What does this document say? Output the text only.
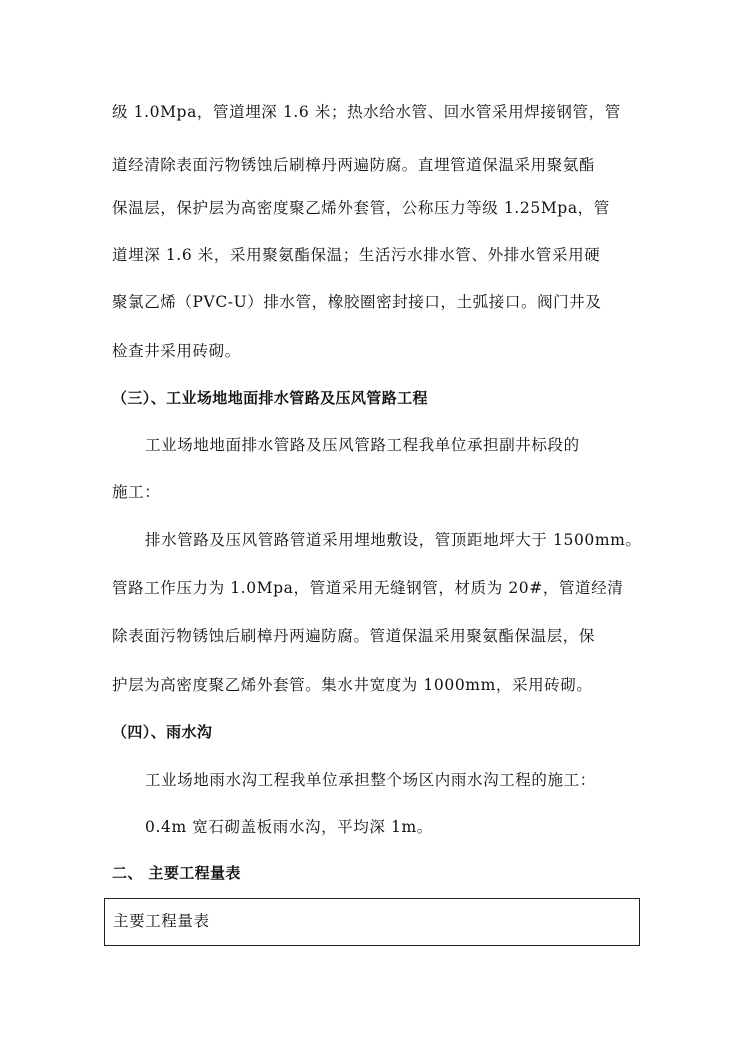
级 1.0Mpa，管道埋深 1.6 米；热水给水管、回水管采用焊接钢管，管
道经清除表面污物锈蚀后刷樟丹两遍防腐。直埋管道保温采用聚氨酯
保温层，保护层为高密度聚乙烯外套管，公称压力等级 1.25Mpa，管
道埋深 1.6 米，采用聚氨酯保温；生活污水排水管、外排水管采用硬
聚氯乙烯（PVC-U）排水管，橡胶圈密封接口，土弧接口。阀门井及
检查井采用砖砌。
（三）、工业场地地面排水管路及压风管路工程
工业场地地面排水管路及压风管路工程我单位承担副井标段的
施工：
排水管路及压风管路管道采用埋地敷设，管顶距地坪大于 1500mm。
管路工作压力为 1.0Mpa，管道采用无缝钢管，材质为 20#，管道经清
除表面污物锈蚀后刷樟丹两遍防腐。管道保温采用聚氨酯保温层，保
护层为高密度聚乙烯外套管。集水井宽度为 1000mm，采用砖砌。
（四）、雨水沟
工业场地雨水沟工程我单位承担整个场区内雨水沟工程的施工：
0.4m 宽石砌盖板雨水沟，平均深 1m。
二、 主要工程量表
主要工程量表
